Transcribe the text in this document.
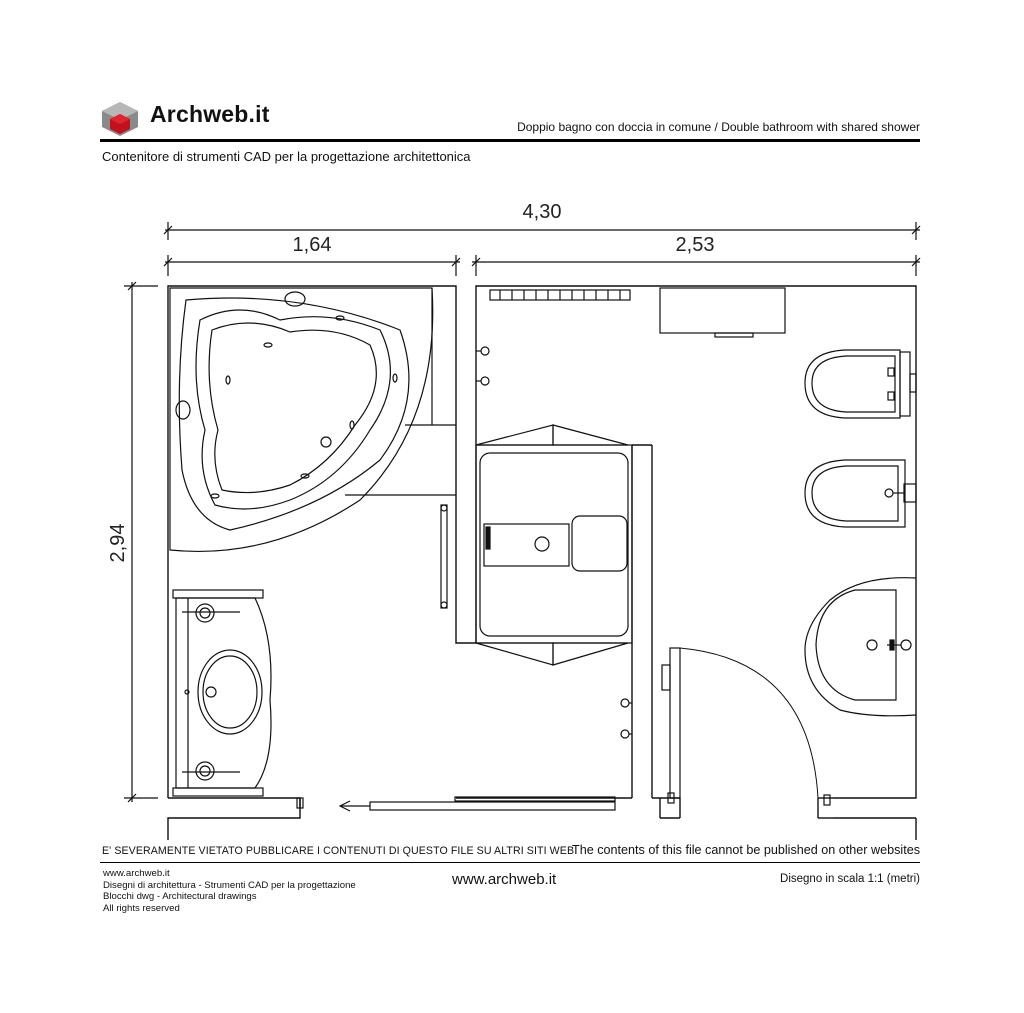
Archweb.it	Doppio bagno con doccia in comune / Double bathroom with shared shower
Contenitore di strumenti CAD per la progettazione architettonica
4,30
1,64	2,53
2,94
E' SEVERAMENTE VIETATO PUBBLICARE I CONTENUTI DI QUESTO FILE SU ALTRI SITI WEB
The contents of this file cannot be published on other websites
www.archweb.it
Disegni di architettura - Strumenti CAD per la progettazione
Blocchi dwg - Architectural drawings
All rights reserved
www.archweb.it	Disegno in scala 1:1 (metri)
